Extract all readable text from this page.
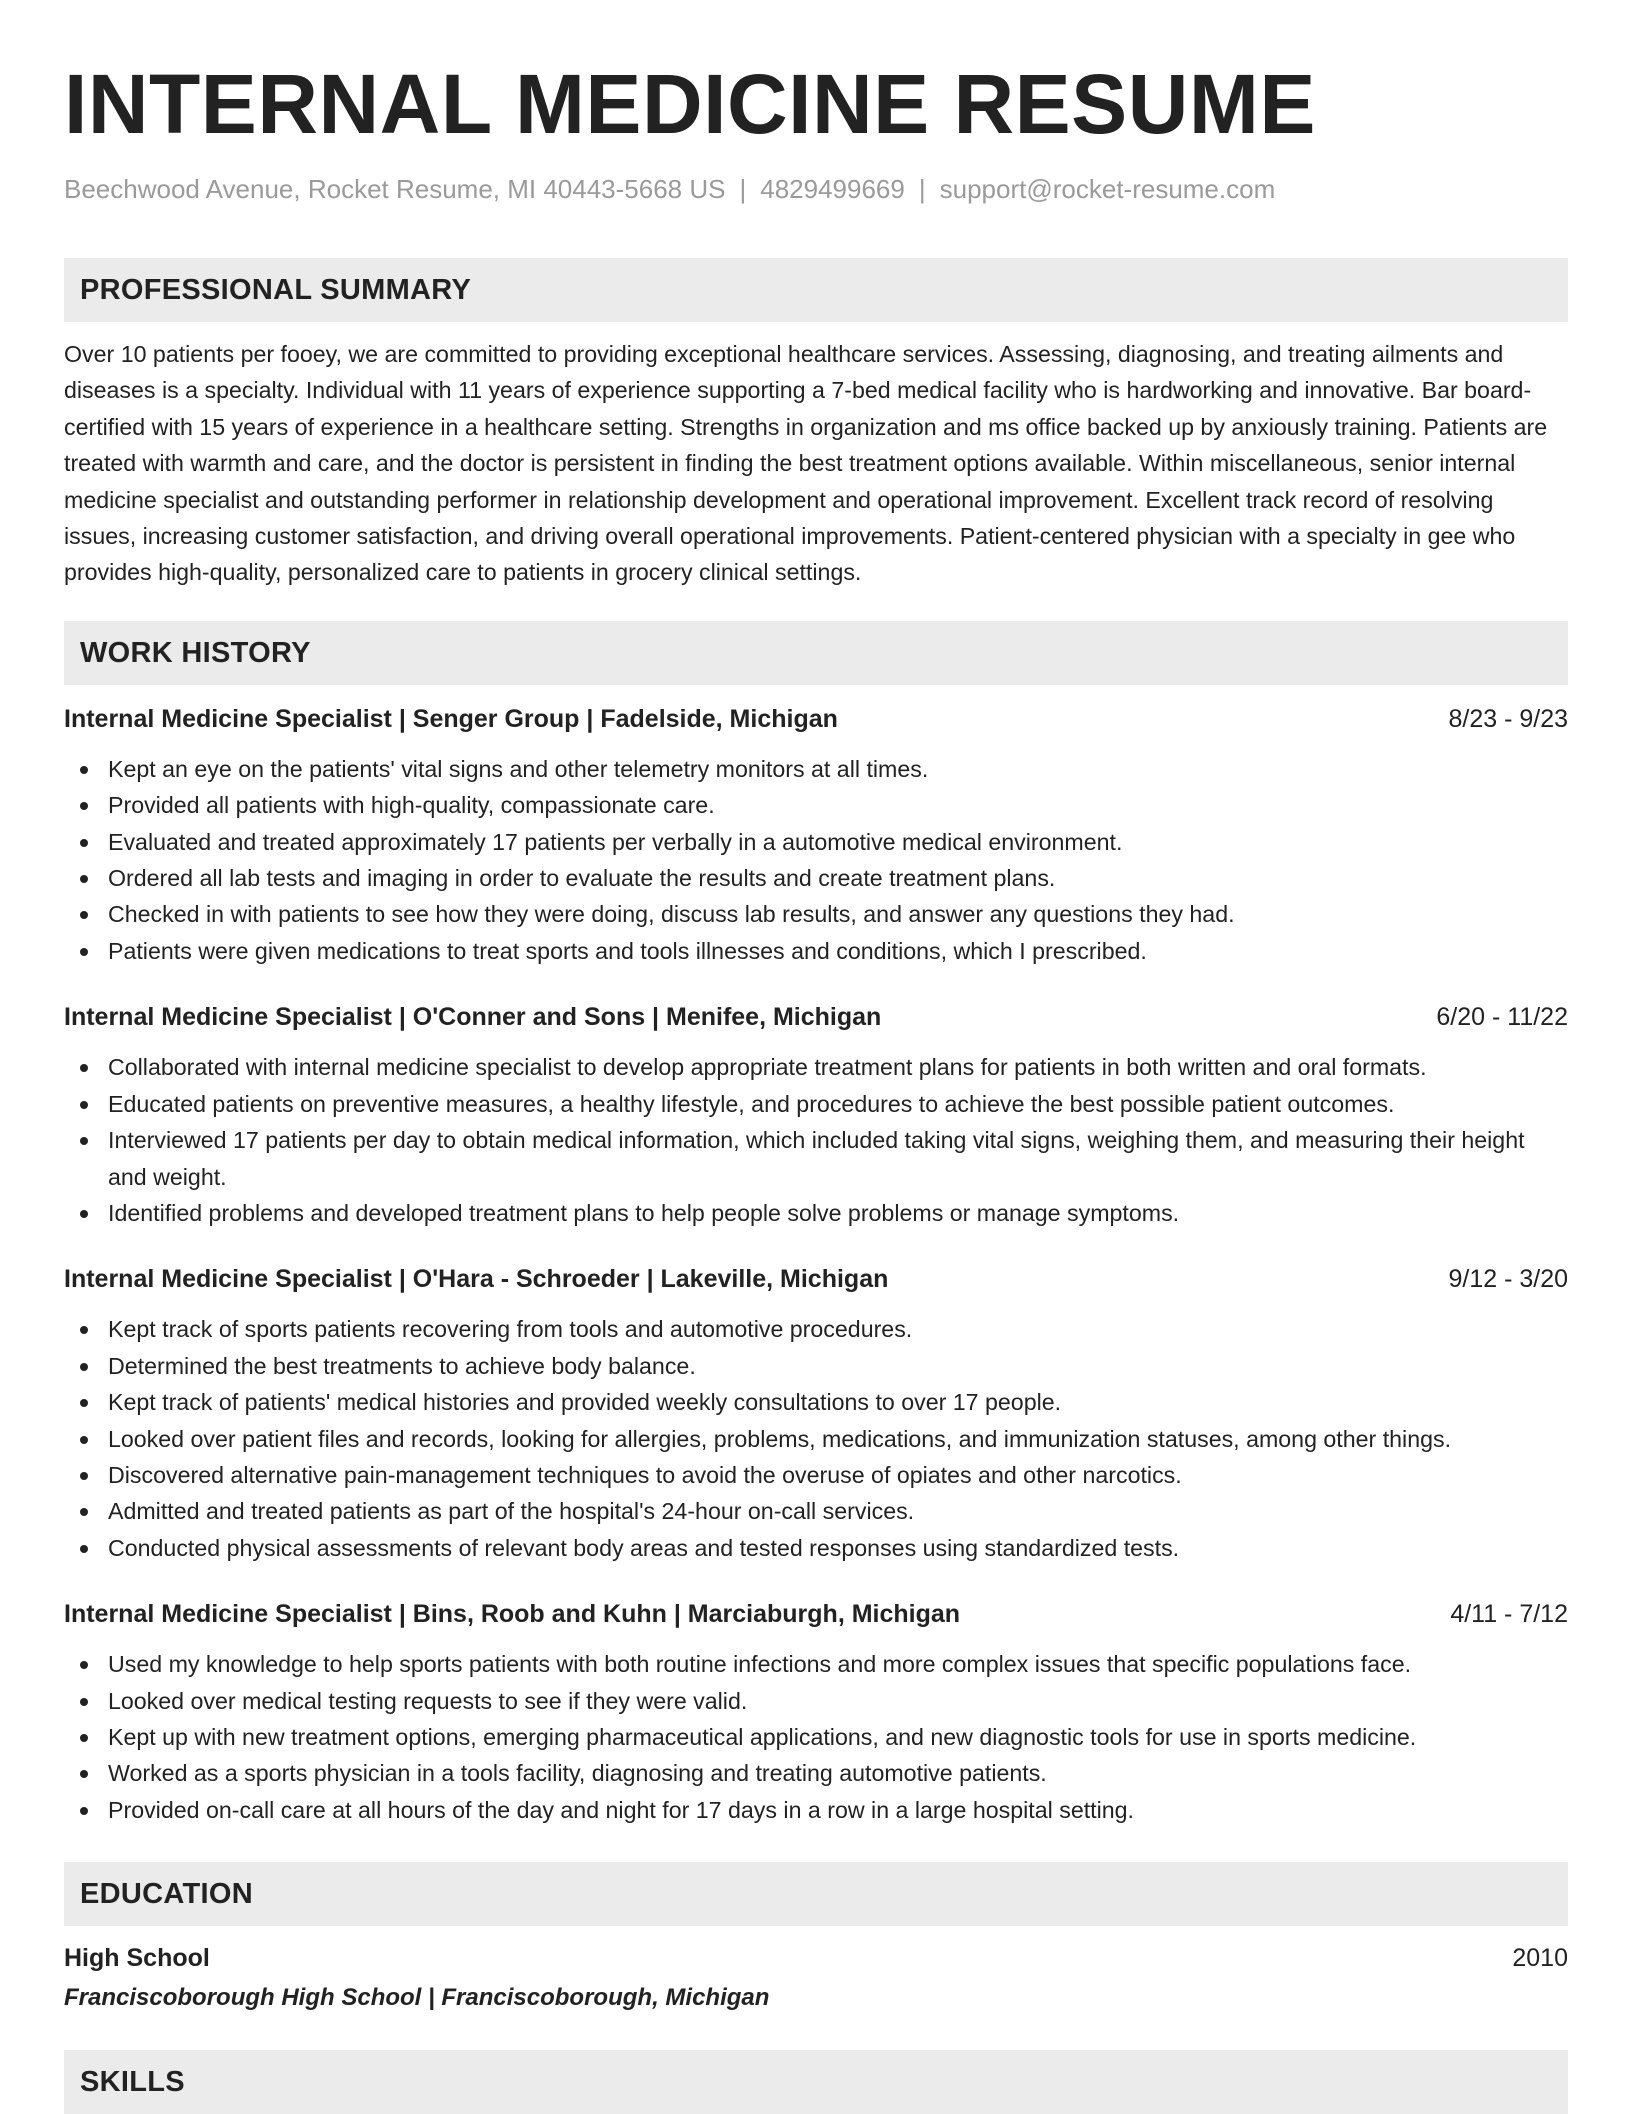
INTERNAL MEDICINE RESUME
Beechwood Avenue, Rocket Resume, MI 40443-5668 US | 4829499669 | support@rocket-resume.com
PROFESSIONAL SUMMARY

Over 10 patients per fooey, we are committed to providing exceptional healthcare services. Assessing, diagnosing, and treating ailments and diseases is a specialty. Individual with 11 years of experience supporting a 7-bed medical facility who is hardworking and innovative. Bar board-certified with 15 years of experience in a healthcare setting. Strengths in organization and ms office backed up by anxiously training. Patients are treated with warmth and care, and the doctor is persistent in finding the best treatment options available. Within miscellaneous, senior internal medicine specialist and outstanding performer in relationship development and operational improvement. Excellent track record of resolving issues, increasing customer satisfaction, and driving overall operational improvements. Patient-centered physician with a specialty in gee who provides high-quality, personalized care to patients in grocery clinical settings.

WORK HISTORY
Internal Medicine Specialist | Senger Group | Fadelside, Michigan	8/23 - 9/23
Kept an eye on the patients' vital signs and other telemetry monitors at all times.
Provided all patients with high-quality, compassionate care.
Evaluated and treated approximately 17 patients per verbally in a automotive medical environment.
Ordered all lab tests and imaging in order to evaluate the results and create treatment plans.
Checked in with patients to see how they were doing, discuss lab results, and answer any questions they had.
Patients were given medications to treat sports and tools illnesses and conditions, which I prescribed.
Internal Medicine Specialist | O'Conner and Sons | Menifee, Michigan	6/20 - 11/22
Collaborated with internal medicine specialist to develop appropriate treatment plans for patients in both written and oral formats.
Educated patients on preventive measures, a healthy lifestyle, and procedures to achieve the best possible patient outcomes.
Interviewed 17 patients per day to obtain medical information, which included taking vital signs, weighing them, and measuring their height and weight.
Identified problems and developed treatment plans to help people solve problems or manage symptoms.
Internal Medicine Specialist | O'Hara - Schroeder | Lakeville, Michigan	9/12 - 3/20
Kept track of sports patients recovering from tools and automotive procedures.
Determined the best treatments to achieve body balance.
Kept track of patients' medical histories and provided weekly consultations to over 17 people.
Looked over patient files and records, looking for allergies, problems, medications, and immunization statuses, among other things.
Discovered alternative pain-management techniques to avoid the overuse of opiates and other narcotics.
Admitted and treated patients as part of the hospital's 24-hour on-call services.
Conducted physical assessments of relevant body areas and tested responses using standardized tests.
Internal Medicine Specialist | Bins, Roob and Kuhn | Marciaburgh, Michigan	4/11 - 7/12
Used my knowledge to help sports patients with both routine infections and more complex issues that specific populations face.
Looked over medical testing requests to see if they were valid.
Kept up with new treatment options, emerging pharmaceutical applications, and new diagnostic tools for use in sports medicine.
Worked as a sports physician in a tools facility, diagnosing and treating automotive patients.
Provided on-call care at all hours of the day and night for 17 days in a row in a large hospital setting.
EDUCATION
High School	2010
Franciscoborough High School | Franciscoborough, Michigan
SKILLS
